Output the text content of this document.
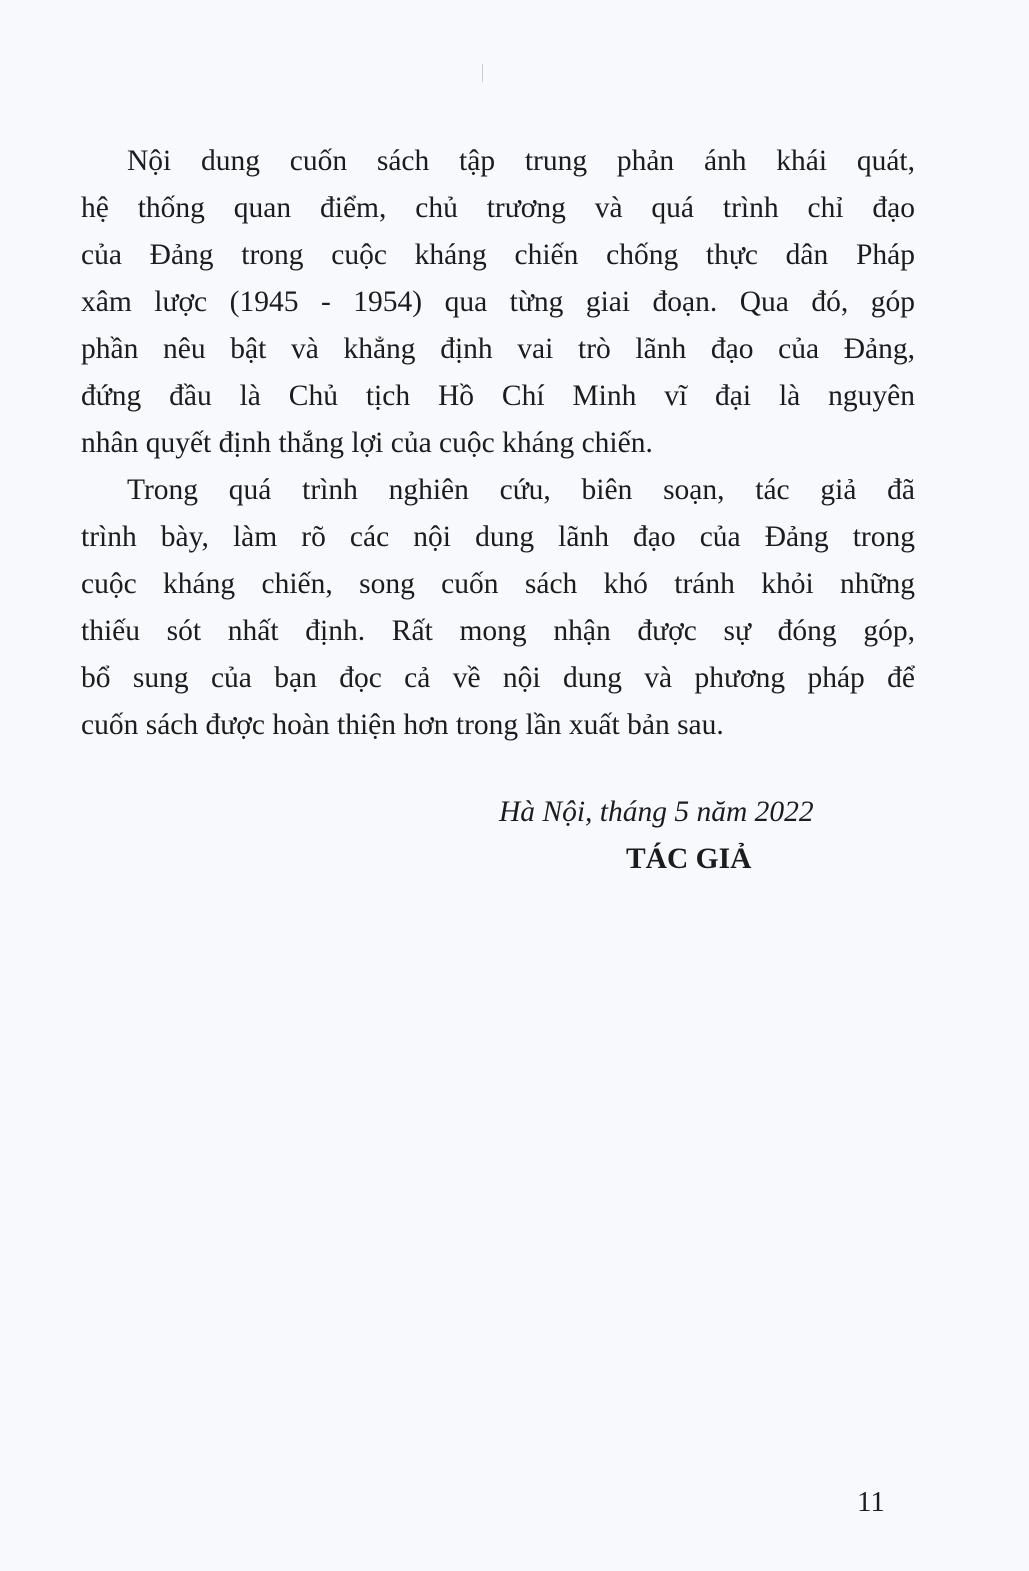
Nội dung cuốn sách tập trung phản ánh khái quát,
hệ thống quan điểm, chủ trương và quá trình chỉ đạo
của Đảng trong cuộc kháng chiến chống thực dân Pháp
xâm lược (1945 - 1954) qua từng giai đoạn. Qua đó, góp
phần nêu bật và khẳng định vai trò lãnh đạo của Đảng,
đứng đầu là Chủ tịch Hồ Chí Minh vĩ đại là nguyên
nhân quyết định thắng lợi của cuộc kháng chiến.

Trong quá trình nghiên cứu, biên soạn, tác giả đã
trình bày, làm rõ các nội dung lãnh đạo của Đảng trong
cuộc kháng chiến, song cuốn sách khó tránh khỏi những
thiếu sót nhất định. Rất mong nhận được sự đóng góp,
bổ sung của bạn đọc cả về nội dung và phương pháp để
cuốn sách được hoàn thiện hơn trong lần xuất bản sau.

Hà Nội, tháng 5 năm 2022
TÁC GIẢ
11
